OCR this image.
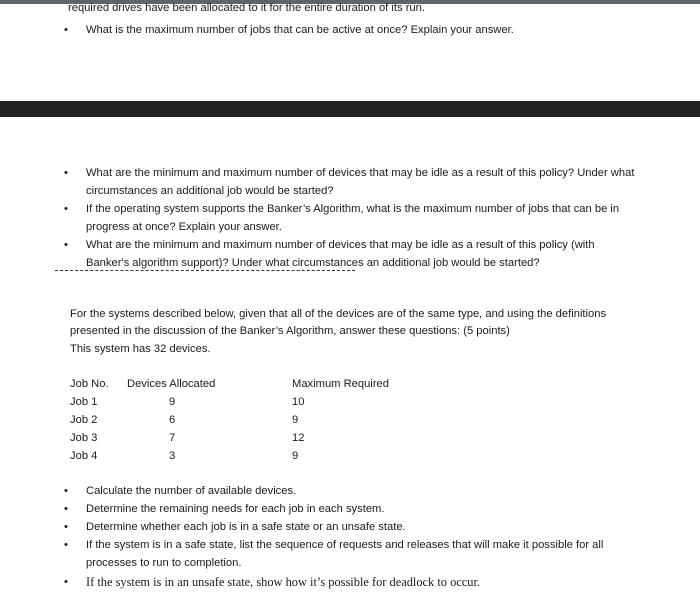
required drives have been allocated to it for the entire duration of its run.
•	What is the maximum number of jobs that can be active at once? Explain your answer.
•	What are the minimum and maximum number of devices that may be idle as a result of this policy? Under what
circumstances an additional job would be started?
•	If the operating system supports the Banker’s Algorithm, what is the maximum number of jobs that can be in
progress at once? Explain your answer.
•	What are the minimum and maximum number of devices that may be idle as a result of this policy (with
Banker's algorithm support)? Under what circumstances an additional job would be started?
For the systems described below, given that all of the devices are of the same type, and using the definitions
presented in the discussion of the Banker’s Algorithm, answer these questions: (5 points)
This system has 32 devices.
Job No. Devices Allocated	Maximum Required
Job 1	9	10
Job 2	6	9
Job 3	7	12
Job 4	3	9
•	Calculate the number of available devices.
•	Determine the remaining needs for each job in each system.
•	Determine whether each job is in a safe state or an unsafe state.
•	If the system is in a safe state, list the sequence of requests and releases that will make it possible for all
processes to run to completion.
•	If the system is in an unsafe state, show how it’s possible for deadlock to occur.
